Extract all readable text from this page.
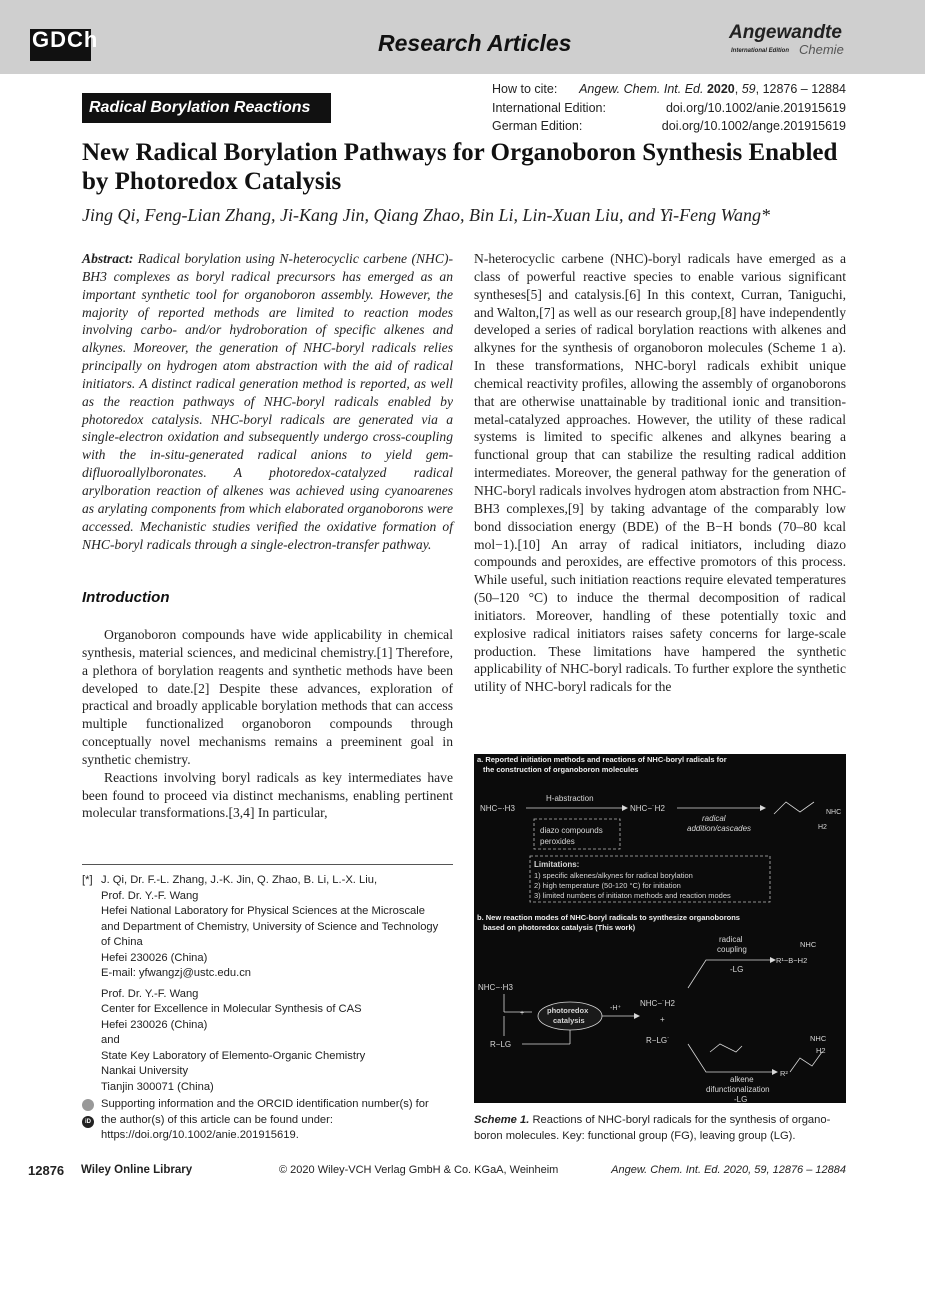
GDCh	Research Articles	Angewandte
International Edition Chemie
Radical Borylation Reactions
How to cite: Angew. Chem. Int. Ed. 2020, 59, 12876 – 12884
International Edition:	doi.org/10.1002/anie.201915619
German Edition:	doi.org/10.1002/ange.201915619
New Radical Borylation Pathways for Organoboron Synthesis Enabled by Photoredox Catalysis
Jing Qi, Feng-Lian Zhang, Ji-Kang Jin, Qiang Zhao, Bin Li, Lin-Xuan Liu, and Yi-Feng Wang*
Abstract: Radical borylation using N-heterocyclic carbene (NHC)-BH3 complexes as boryl radical precursors has emerged as an important synthetic tool for organoboron assembly. However, the majority of reported methods are limited to reaction modes involving carbo- and/or hydroboration of specific alkenes and alkynes. Moreover, the generation of NHC-boryl radicals relies principally on hydrogen atom abstraction with the aid of radical initiators. A distinct radical generation method is reported, as well as the reaction pathways of NHC-boryl radicals enabled by photoredox catalysis. NHC-boryl radicals are generated via a single-electron oxidation and subsequently undergo cross-coupling with the in-situ-generated radical anions to yield gem-difluoroallylboronates. A photoredox-catalyzed radical arylboration reaction of alkenes was achieved using cyanoarenes as arylating components from which elaborated organoborons were accessed. Mechanistic studies verified the oxidative formation of NHC-boryl radicals through a single-electron-transfer pathway.
Introduction

Organoboron compounds have wide applicability in chemical synthesis, material sciences, and medicinal chemistry.[1] Therefore, a plethora of borylation reagents and synthetic methods have been developed to date.[2] Despite these advances, exploration of practical and broadly applicable borylation methods that can access multiple functionalized organoboron compounds through conceptually novel mechanisms remains a preeminent goal in synthetic chemistry.

Reactions involving boryl radicals as key intermediates have been found to proceed via distinct mechanisms, enabling pertinent molecular transformations.[3,4] In particular,

N-heterocyclic carbene (NHC)-boryl radicals have emerged as a class of powerful reactive species to enable various significant syntheses[5] and catalysis.[6] In this context, Curran, Taniguchi, and Walton,[7] as well as our research group,[8] have independently developed a series of radical borylation reactions with alkenes and alkynes for the synthesis of organoboron molecules (Scheme 1 a). In these transformations, NHC-boryl radicals exhibit unique chemical reactivity profiles, allowing the assembly of organoborons that are otherwise unattainable by traditional ionic and transition-metal-catalyzed approaches. However, the utility of these radical systems is limited to specific alkenes and alkynes bearing a functional group that can stabilize the resulting radical addition intermediates. Moreover, the general pathway for the generation of NHC-boryl radicals involves hydrogen atom abstraction from NHC-BH3 complexes,[9] by taking advantage of the comparably low bond dissociation energy (BDE) of the B−H bonds (70–80 kcal mol−1).[10] An array of radical initiators, including diazo compounds and peroxides, are effective promotors of this process. While useful, such initiation reactions require elevated temperatures (50–120 °C) to induce the thermal decomposition of radical initiators. Moreover, handling of these potentially toxic and explosive radical initiators raises safety concerns for large-scale production. These limitations have hampered the synthetic applicability of NHC-boryl radicals. To further explore the synthetic utility of NHC-boryl radicals for the

[*] J. Qi, Dr. F.-L. Zhang, J.-K. Jin, Q. Zhao, B. Li, L.-X. Liu,
Prof. Dr. Y.-F. Wang
Hefei National Laboratory for Physical Sciences at the Microscale
and Department of Chemistry, University of Science and Technology
of China
Hefei 230026 (China)
E-mail: yfwangzj@ustc.edu.cn
Prof. Dr. Y.-F. Wang
Center for Excellence in Molecular Synthesis of CAS
Hefei 230026 (China)
and
State Key Laboratory of Elemento-Organic Chemistry
Nankai University
Tianjin 300071 (China)
iD
Supporting information and the ORCID identification number(s) for
the author(s) of this article can be found under:
https://doi.org/10.1002/anie.201915619.
a. Reported initiation methods and reactions of NHC-boryl radicals for
the construction of organoboron molecules
NHC−·H3
H-abstraction
diazo compounds
peroxides
NHC−˙H2
radical
addition/cascades
NHC
H2
Limitations:
1) specific alkenes/alkynes for radical borylation
2) high temperature (50-120 °C) for initiation
3) limited numbers of initiaton methods and reaction modes
b. New reaction modes of NHC-boryl radicals to synthesize organoborons
based on photoredox catalysis (This work)
radical
coupling
-LG
NHC
R¹−B−H2
NHC−·H3
+
R−LG
photoredox
catalysis
-H⁺
NHC−˙H2
+
R−LG˙
alkene
difunctionalization
-LG
NHC
H2
R²
Scheme 1. Reactions of NHC-boryl radicals for the synthesis of organoboron molecules. Key: functional group (FG), leaving group (LG).
12876 Wiley Online Library	© 2020 Wiley-VCH Verlag GmbH & Co. KGaA, Weinheim	Angew. Chem. Int. Ed. 2020, 59, 12876 – 12884
